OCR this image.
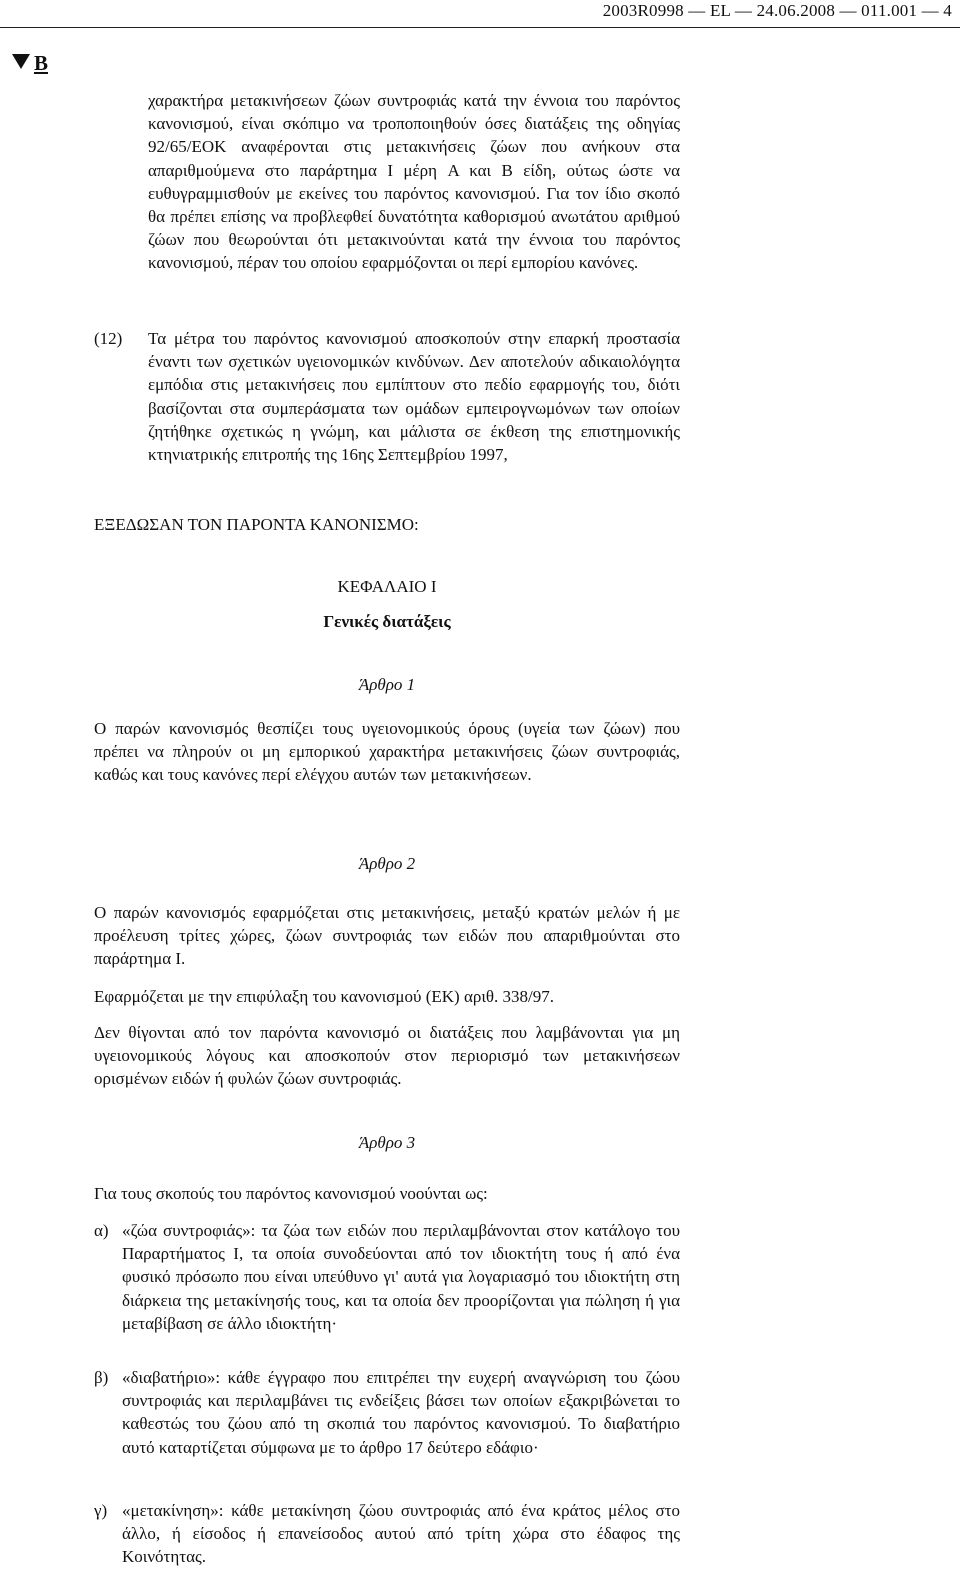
2003R0998 — EL — 24.06.2008 — 011.001 — 4
B
χαρακτήρα μετακινήσεων ζώων συντροφιάς κατά την έννοια του παρόντος κανονισμού, είναι σκόπιμο να τροποποιηθούν όσες διατάξεις της οδηγίας 92/65/ΕΟΚ αναφέρονται στις μετακινήσεις ζώων που ανήκουν στα απαριθμούμενα στο παράρτημα Ι μέρη A και B είδη, ούτως ώστε να ευθυγραμμισθούν με εκείνες του παρόντος κανονισμού. Για τον ίδιο σκοπό θα πρέπει επίσης να προβλεφθεί δυνατότητα καθορισμού ανωτάτου αριθμού ζώων που θεωρούνται ότι μετακινούνται κατά την έννοια του παρόντος κανονισμού, πέραν του οποίου εφαρμόζονται οι περί εμπορίου κανόνες.
(12) Τα μέτρα του παρόντος κανονισμού αποσκοπούν στην επαρκή προστασία έναντι των σχετικών υγειονομικών κινδύνων. Δεν αποτελούν αδικαιολόγητα εμπόδια στις μετακινήσεις που εμπίπτουν στο πεδίο εφαρμογής του, διότι βασίζονται στα συμπεράσματα των ομάδων εμπειρογνωμόνων των οποίων ζητήθηκε σχετικώς η γνώμη, και μάλιστα σε έκθεση της επιστημονικής κτηνιατρικής επιτροπής της 16ης Σεπτεμβρίου 1997,
ΕΞΕΔΩΣΑΝ ΤΟΝ ΠΑΡΟΝΤΑ ΚΑΝΟΝΙΣΜΟ:
ΚΕΦΑΛΑΙΟ Ι
Γενικές διατάξεις
Άρθρο 1
Ο παρών κανονισμός θεσπίζει τους υγειονομικούς όρους (υγεία των ζώων) που πρέπει να πληρούν οι μη εμπορικού χαρακτήρα μετακινήσεις ζώων συντροφιάς, καθώς και τους κανόνες περί ελέγχου αυτών των μετακινήσεων.
Άρθρο 2
Ο παρών κανονισμός εφαρμόζεται στις μετακινήσεις, μεταξύ κρατών μελών ή με προέλευση τρίτες χώρες, ζώων συντροφιάς των ειδών που απαριθμούνται στο παράρτημα Ι.
Εφαρμόζεται με την επιφύλαξη του κανονισμού (ΕΚ) αριθ. 338/97.
Δεν θίγονται από τον παρόντα κανονισμό οι διατάξεις που λαμβάνονται για μη υγειονομικούς λόγους και αποσκοπούν στον περιορισμό των μετακινήσεων ορισμένων ειδών ή φυλών ζώων συντροφιάς.
Άρθρο 3
Για τους σκοπούς του παρόντος κανονισμού νοούνται ως:
α) «ζώα συντροφιάς»: τα ζώα των ειδών που περιλαμβάνονται στον κατάλογο του Παραρτήματος Ι, τα οποία συνοδεύονται από τον ιδιοκτήτη τους ή από ένα φυσικό πρόσωπο που είναι υπεύθυνο γι' αυτά για λογαριασμό του ιδιοκτήτη στη διάρκεια της μετακίνησής τους, και τα οποία δεν προορίζονται για πώληση ή για μεταβίβαση σε άλλο ιδιοκτήτη·
β) «διαβατήριο»: κάθε έγγραφο που επιτρέπει την ευχερή αναγνώριση του ζώου συντροφιάς και περιλαμβάνει τις ενδείξεις βάσει των οποίων εξακριβώνεται το καθεστώς του ζώου από τη σκοπιά του παρόντος κανονισμού. Το διαβατήριο αυτό καταρτίζεται σύμφωνα με το άρθρο 17 δεύτερο εδάφιο·
γ) «μετακίνηση»: κάθε μετακίνηση ζώου συντροφιάς από ένα κράτος μέλος στο άλλο, ή είσοδος ή επανείσοδος αυτού από τρίτη χώρα στο έδαφος της Κοινότητας.
